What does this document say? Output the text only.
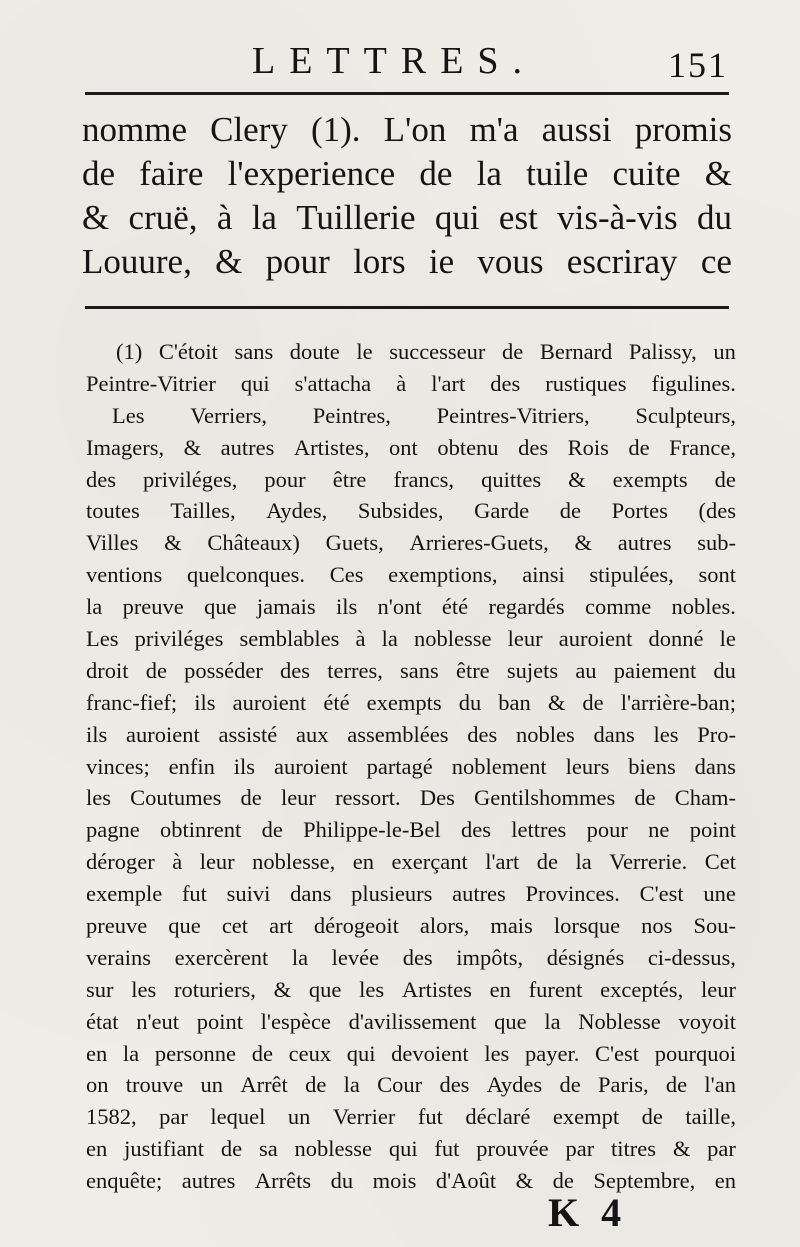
LETTRES.	151
nomme Clery (1). L'on m'a aussi promis
de faire l'experience de la tuile cuite &
& cruë, à la Tuillerie qui est vis-à-vis du
Louure, & pour lors ie vous escriray ce
(1) C'étoit sans doute le successeur de Bernard Palissy, un
Peintre-Vitrier qui s'attacha à l'art des rustiques figulines.
Les Verriers, Peintres, Peintres-Vitriers, Sculpteurs,
Imagers, & autres Artistes, ont obtenu des Rois de France,
des priviléges, pour être francs, quittes & exempts de
toutes Tailles, Aydes, Subsides, Garde de Portes (des
Villes & Châteaux) Guets, Arrieres-Guets, & autres sub-
ventions quelconques. Ces exemptions, ainsi stipulées, sont
la preuve que jamais ils n'ont été regardés comme nobles.
Les priviléges semblables à la noblesse leur auroient donné le
droit de posséder des terres, sans être sujets au paiement du
franc-fief; ils auroient été exempts du ban & de l'arrière-ban;
ils auroient assisté aux assemblées des nobles dans les Pro-
vinces; enfin ils auroient partagé noblement leurs biens dans
les Coutumes de leur ressort. Des Gentilshommes de Cham-
pagne obtinrent de Philippe-le-Bel des lettres pour ne point
déroger à leur noblesse, en exerçant l'art de la Verrerie. Cet
exemple fut suivi dans plusieurs autres Provinces. C'est une
preuve que cet art dérogeoit alors, mais lorsque nos Sou-
verains exercèrent la levée des impôts, désignés ci-dessus,
sur les roturiers, & que les Artistes en furent exceptés, leur
état n'eut point l'espèce d'avilissement que la Noblesse voyoit
en la personne de ceux qui devoient les payer. C'est pourquoi
on trouve un Arrêt de la Cour des Aydes de Paris, de l'an
1582, par lequel un Verrier fut déclaré exempt de taille,
en justifiant de sa noblesse qui fut prouvée par titres & par
enquête; autres Arrêts du mois d'Août & de Septembre, en
K 4
